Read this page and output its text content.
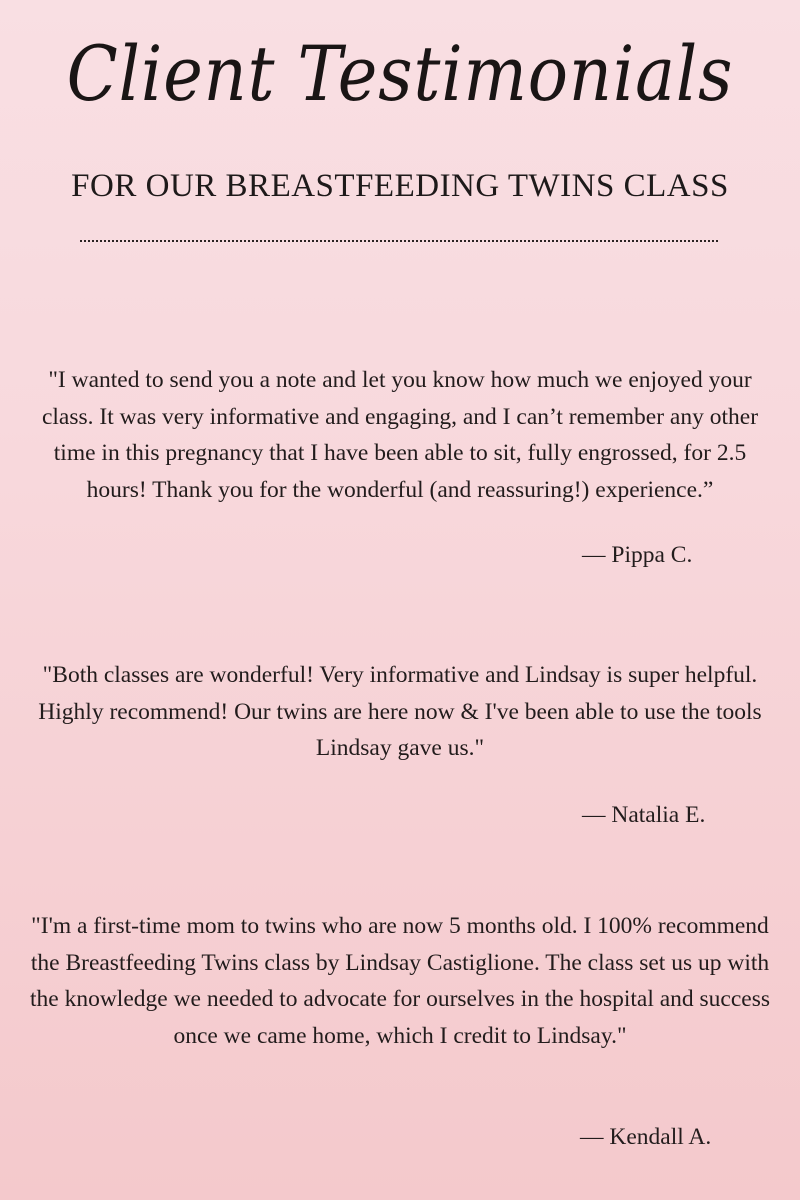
Client Testimonials
FOR OUR BREASTFEEDING TWINS CLASS
"I wanted to send you a note and let you know how much we enjoyed your class. It was very informative and engaging, and I can’t remember any other time in this pregnancy that I have been able to sit, fully engrossed, for 2.5 hours! Thank you for the wonderful (and reassuring!) experience.”
— Pippa C.
"Both classes are wonderful! Very informative and Lindsay is super helpful. Highly recommend! Our twins are here now & I've been able to use the tools Lindsay gave us."
— Natalia E.
"I'm a first-time mom to twins who are now 5 months old. I 100% recommend the Breastfeeding Twins class by Lindsay Castiglione. The class set us up with the knowledge we needed to advocate for ourselves in the hospital and success once we came home, which I credit to Lindsay."
— Kendall A.
